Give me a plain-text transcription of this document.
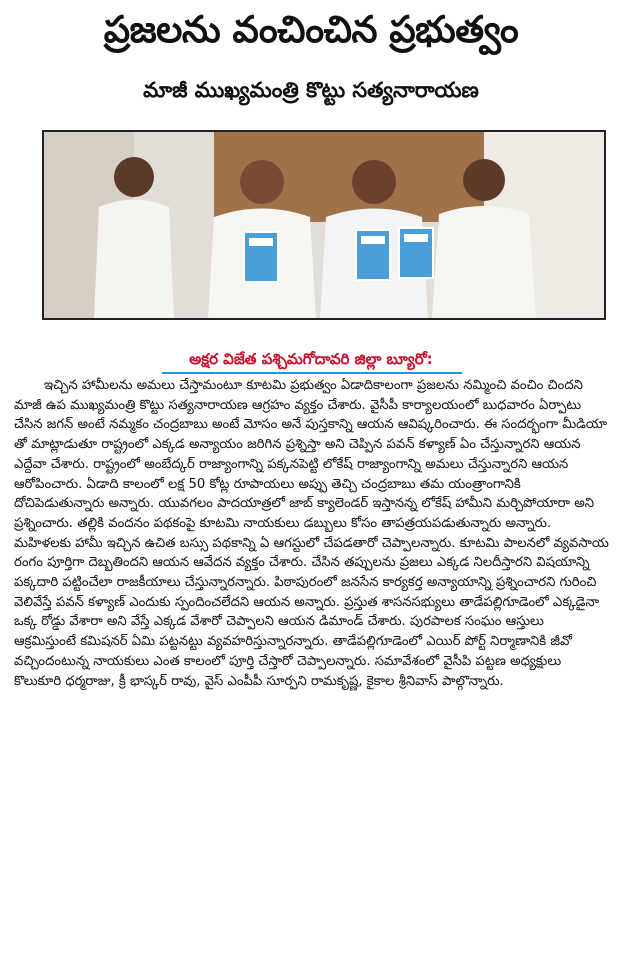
ప్రజలను వంచించిన ప్రభుత్వం
మాజీ ముఖ్యమంత్రి కొట్టు సత్యనారాయణ
అక్షర విజేత పశ్చిమగోదావరి జిల్లా బ్యూరో:

ఇచ్చిన హామీలను అమలు చేస్తామంటూ కూటమి ప్రభుత్వం ఏడాదికాలంగా ప్రజలను నమ్మించి వంచిం చిందని మాజీ ఉప ముఖ్యమంత్రి కొట్టు సత్యనారాయణ ఆగ్రహం వ్యక్తం చేశారు. వైసీపీ కార్యాలయంలో బుధవారం ఏర్పాటు చేసిన జగన్ అంటే నమ్మకం చంద్రబాబు అంటే మోసం అనే పుస్తకాన్ని ఆయన ఆవిష్కరించారు. ఈ సందర్భంగా మీడియా తో మాట్లాడుతూ రాష్ట్రంలో ఎక్కడ అన్యాయం జరిగిన ప్రశ్నిస్తా అని చెప్పిన పవన్ కళ్యాణ్ ఏం చేస్తున్నారని ఆయన ఎద్దేవా చేశారు. రాష్ట్రంలో అంబేద్కర్ రాజ్యాంగాన్ని పక్కనపెట్టి లోకేష్ రాజ్యాంగాన్ని అమలు చేస్తున్నారని ఆయన ఆరోపించారు. ఏడాది కాలంలో లక్ష 50 కోట్ల రూపాయలు అప్పు తెచ్చి చంద్రబాబు తమ యంత్రాంగానికి దోచిపెడుతున్నారు అన్నారు. యువగలం పాదయాత్రలో జాబ్ క్యాలెండర్ ఇస్తానన్న లోకేష్ హామీని మర్చిపోయారా అని ప్రశ్నించారు. తల్లికి వందనం పథకంపై కూటమి నాయకులు డబ్బులు కోసం తాపత్రయపడుతున్నారు అన్నారు. మహిళలకు హామీ ఇచ్చిన ఉచిత బస్సు పథకాన్ని ఏ ఆగస్టులో చేపడతారో చెప్పాలన్నారు. కూటమి పాలనలో వ్యవసాయ రంగం పూర్తిగా దెబ్బతిందని ఆయన ఆవేదన వ్యక్తం చేశారు. చేసిన తప్పులను ప్రజలు ఎక్కడ నిలదీస్తారని విషయాన్ని పక్కదారి పట్టించేలా రాజకీయాలు చేస్తున్నారన్నారు. పిఠాపురంలో జనసేన కార్యకర్త అన్యాయాన్ని ప్రశ్నించారని గురించి వెలివేస్తే పవన్ కళ్యాణ్ ఎందుకు స్పందించలేదని ఆయన అన్నారు. ప్రస్తుత శాసనసభ్యులు తాడేపల్లిగూడెంలో ఎక్కడైనా ఒక్క రోడ్డు వేశారా అని వేస్తే ఎక్కడ వేశారో చెప్పాలని ఆయన డిమాండ్ చేశారు. పురపాలక సంఘం ఆస్తులు ఆక్రమిస్తుంటే కమిషనర్ ఏమి పట్టనట్టు వ్యవహరిస్తున్నారన్నారు. తాడేపల్లిగూడెంలో ఎయిర్ పోర్ట్ నిర్మాణానికి జీవో వచ్చిందంటున్న నాయకులు ఎంత కాలంలో పూర్తి చేస్తారో చెప్పాలన్నారు. సమావేశంలో వైసీపి పట్టణ అధ్యక్షులు కొలుకూరి ధర్మరాజు, క్రీ భాస్కర్ రావు, వైస్ ఎంపీపీ సూర్పని రామకృష్ణ, కైకాల శ్రీనివాస్ పాల్గొన్నారు.
